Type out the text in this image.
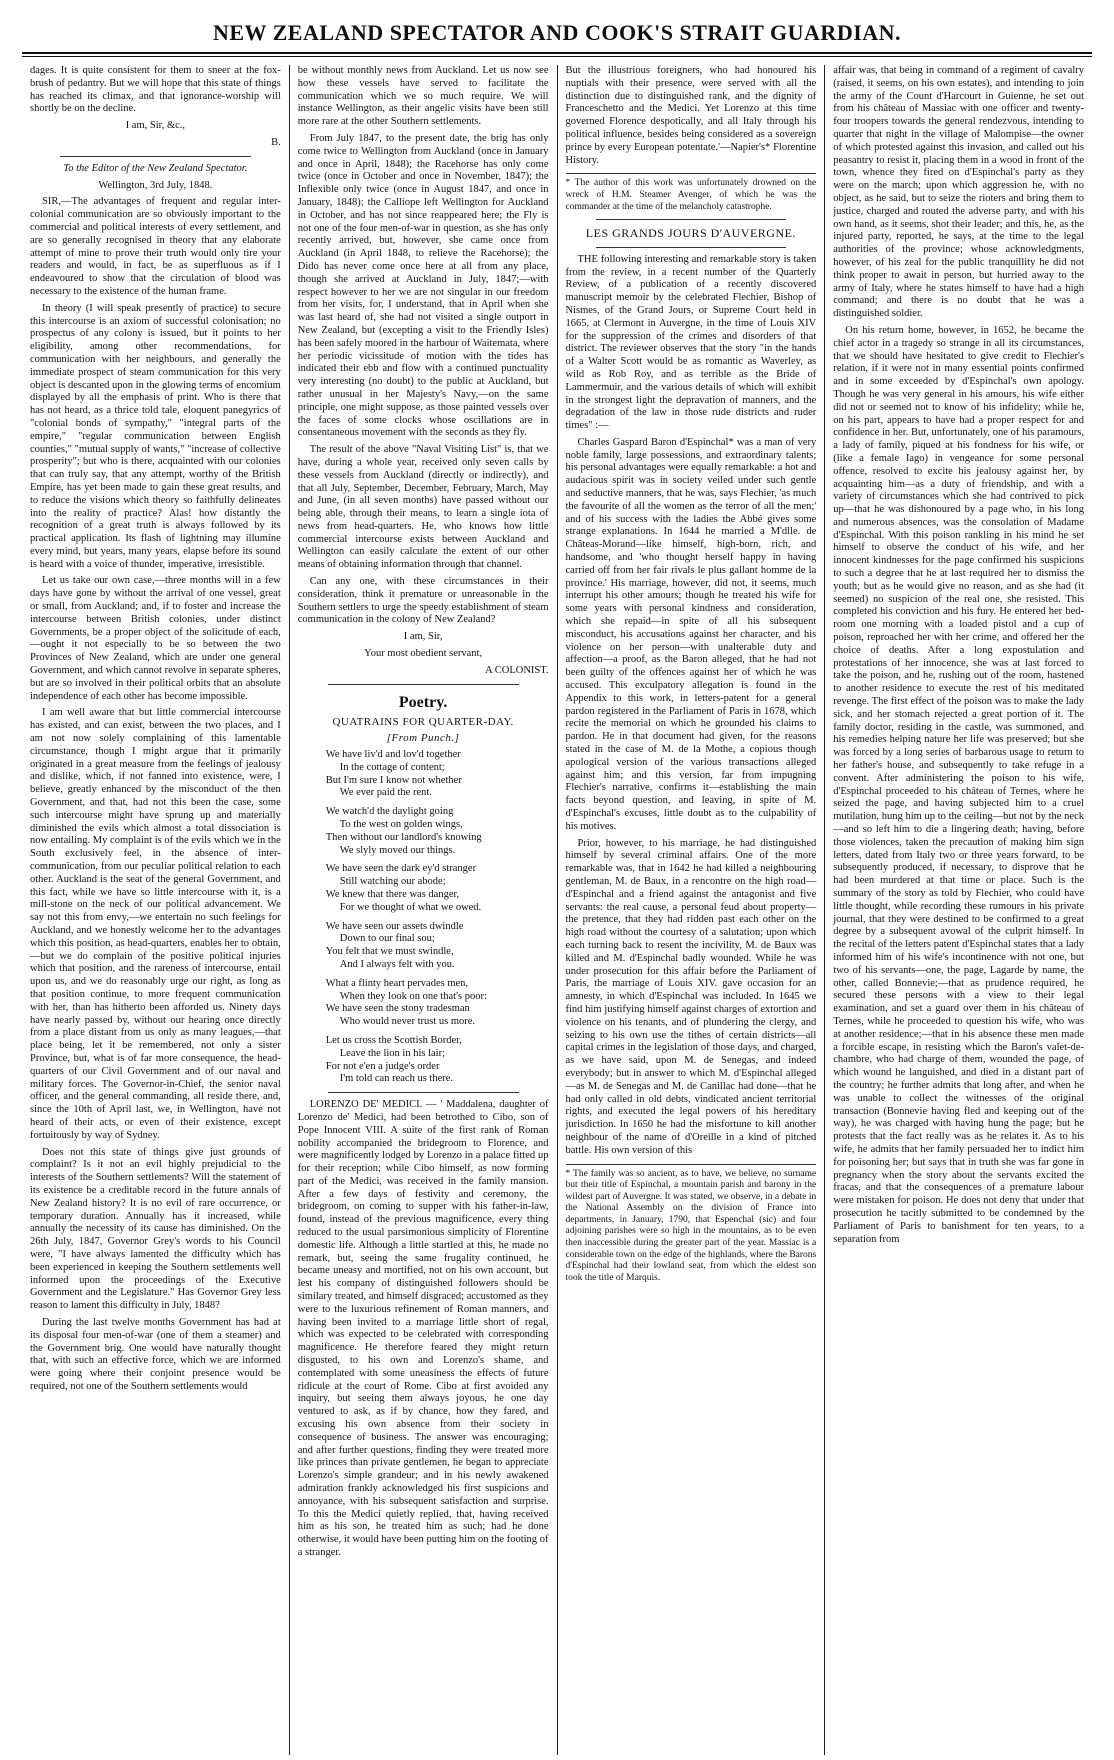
NEW ZEALAND SPECTATOR AND COOK'S STRAIT GUARDIAN.

dages. It is quite consistent for them to sneer at the fox-brush of pedantry. But we will hope that this state of things has reached its climax, and that ignorance-worship will shortly be on the decline.

I am, Sir, &c.,
B.

To the Editor of the New Zealand Spectator.

Wellington, 3rd July, 1848.

SIR,—The advantages of frequent and regular inter-colonial communication are so obviously important to the commercial and political interests of every settlement, and are so generally recognised in theory that any elaborate attempt of mine to prove their truth would only tire your readers and would, in fact, be as superfluous as if I endeavoured to show that the circulation of blood was necessary to the existence of the human frame.

In theory (I will speak presently of practice) to secure this intercourse is an axiom of successful colonisation; no prospectus of any colony is issued, but it points to her eligibility, among other recommendations, for communication with her neighbours, and generally the immediate prospect of steam communication for this very object is descanted upon in the glowing terms of encomium displayed by all the emphasis of print. Who is there that has not heard, as a thrice told tale, eloquent panegyrics of "colonial bonds of sympathy," "integral parts of the empire," "regular communication between English counties," "mutual supply of wants," "increase of collective prosperity"; but who is there, acquainted with our colonies that can truly say, that any attempt, worthy of the British Empire, has yet been made to gain these great results, and to reduce the visions which theory so faithfully delineates into the reality of practice? Alas! how distantly the recognition of a great truth is always followed by its practical application. Its flash of lightning may illumine every mind, but years, many years, elapse before its sound is heard with a voice of thunder, imperative, irresistible.

Let us take our own case,—three months will in a few days have gone by without the arrival of one vessel, great or small, from Auckland; and, if to foster and increase the intercourse between British colonies, under distinct Governments, be a proper object of the solicitude of each,—ought it not especially to be so between the two Provinces of New Zealand, which are under one general Government, and which cannot revolve in separate spheres, but are so involved in their political orbits that an absolute independence of each other has become impossible.

I am well aware that but little commercial intercourse has existed, and can exist, between the two places, and I am not now solely complaining of this lamentable circumstance, though I might argue that it primarily originated in a great measure from the feelings of jealousy and dislike, which, if not fanned into existence, were, I believe, greatly enhanced by the misconduct of the then Government, and that, had not this been the case, some such intercourse might have sprung up and materially diminished the evils which almost a total dissociation is now entailing. My complaint is of the evils which we in the South exclusively feel, in the absence of inter-communication, from our peculiar political relation to each other. Auckland is the seat of the general Government, and this fact, while we have so little intercourse with it, is a mill-stone on the neck of our political advancement. We say not this from envy,—we entertain no such feelings for Auckland, and we honestly welcome her to the advantages which this position, as head-quarters, enables her to obtain,—but we do complain of the positive political injuries which that position, and the rareness of intercourse, entail upon us, and we do reasonably urge our right, as long as that position continue, to more frequent communication with her, than has hitherto been afforded us. Ninety days have nearly passed by, without our hearing once directly from a place distant from us only as many leagues,—that place being, let it be remembered, not only a sister Province, but, what is of far more consequence, the head-quarters of our Civil Government and of our naval and military forces. The Governor-in-Chief, the senior naval officer, and the general commanding, all reside there, and, since the 10th of April last, we, in Wellington, have not heard of their acts, or even of their existence, except fortuitously by way of Sydney.

Does not this state of things give just grounds of complaint? Is it not an evil highly prejudicial to the interests of the Southern settlements? Will the statement of its existence be a creditable record in the future annals of New Zealand history? It is no evil of rare occurrence, or temporary duration. Annually has it increased, while annually the necessity of its cause has diminished. On the 26th July, 1847, Governor Grey's words to his Council were, "I have always lamented the difficulty which has been experienced in keeping the Southern settlements well informed upon the proceedings of the Executive Government and the Legislature." Has Governor Grey less reason to lament this difficulty in July, 1848?

During the last twelve months Government has had at its disposal four men-of-war (one of them a steamer) and the Government brig. One would have naturally thought that, with such an effective force, which we are informed were going where their conjoint presence would be required, not one of the Southern settlements would

be without monthly news from Auckland. Let us now see how these vessels have served to facilitate the communication which we so much require. We will instance Wellington, as their angelic visits have been still more rare at the other Southern settlements.

From July 1847, to the present date, the brig has only come twice to Wellington from Auckland (once in January and once in April, 1848); the Racehorse has only come twice (once in October and once in November, 1847); the Inflexible only twice (once in August 1847, and once in January, 1848); the Calliope left Wellington for Auckland in October, and has not since reappeared here; the Fly is not one of the four men-of-war in question, as she has only recently arrived, but, however, she came once from Auckland (in April 1848, to relieve the Racehorse); the Dido has never come once here at all from any place, though she arrived at Auckland in July, 1847;—with respect however to her we are not singular in our freedom from her visits, for, I understand, that in April when she was last heard of, she had not visited a single outport in New Zealand, but (excepting a visit to the Friendly Isles) has been safely moored in the harbour of Waitemata, where her periodic vicissitude of motion with the tides has indicated their ebb and flow with a continued punctuality very interesting (no doubt) to the public at Auckland, but rather unusual in her Majesty's Navy,—on the same principle, one might suppose, as those painted vessels over the faces of some clocks whose oscillations are in consentaneous movement with the seconds as they fly.

The result of the above "Naval Visiting List" is, that we have, during a whole year, received only seven calls by these vessels from Auckland (directly or indirectly), and that all July, September, December, February, March, May and June, (in all seven months) have passed without our being able, through their means, to learn a single iota of news from head-quarters. He, who knows how little commercial intercourse exists between Auckland and Wellington can easily calculate the extent of our other means of obtaining information through that channel.

Can any one, with these circumstances in their consideration, think it premature or unreasonable in the Southern settlers to urge the speedy establishment of steam communication in the colony of New Zealand?

I am, Sir,
Your most obedient servant,
A COLONIST.
Poetry.
QUATRAINS FOR QUARTER-DAY.
[From Punch.]
We have liv'd and lov'd together
In the cottage of content;
But I'm sure I know not whether
We ever paid the rent.
We watch'd the daylight going
To the west on golden wings,
Then without our landlord's knowing
We slyly moved our things.
We have seen the dark ey'd stranger
Still watching our abode;
We knew that there was danger,
For we thought of what we owed.
We have seen our assets dwindle
Down to our final sou;
You felt that we must swindle,
And I always felt with you.
What a flinty heart pervades men,
When they look on one that's poor:
We have seen the stony tradesman
Who would never trust us more.
Let us cross the Scottish Border,
Leave the lion in his lair;
For not e'en a judge's order
I'm told can reach us there.

LORENZO DE' MEDICI. — ' Maddalena, daughter of Lorenzo de' Medici, had been betrothed to Cibo, son of Pope Innocent VIII. A suite of the first rank of Roman nobility accompanied the bridegroom to Florence, and were magnificently lodged by Lorenzo in a palace fitted up for their reception; while Cibo himself, as now forming part of the Medici, was received in the family mansion. After a few days of festivity and ceremony, the bridegroom, on coming to supper with his father-in-law, found, instead of the previous magnificence, every thing reduced to the usual parsimonious simplicity of Florentine domestic life. Although a little startled at this, he made no remark, but, seeing the same frugality continued, he became uneasy and mortified, not on his own account, but lest his company of distinguished followers should be similary treated, and himself disgraced; accustomed as they were to the luxurious refinement of Roman manners, and having been invited to a marriage little short of regal, which was expected to be celebrated with corresponding magnificence. He therefore feared they might return disgusted, to his own and Lorenzo's shame, and contemplated with some uneasiness the effects of future ridicule at the court of Rome. Cibo at first avoided any inquiry, but seeing them always joyous, he one day ventured to ask, as if by chance, how they fared, and excusing his own absence from their society in consequence of business. The answer was encouraging; and after further questions, finding they were treated more like princes than private gentlemen, he began to appreciate Lorenzo's simple grandeur; and in his newly awakened admiration frankly acknowledged his first suspicions and annoyance, with his subsequent satisfaction and surprise. To this the Medici quietly replied, that, having received him as his son, he treated him as such; had he done otherwise, it would have been putting him on the footing of a stranger.

But the illustrious foreigners, who had honoured his nuptials with their presence, were served with all the distinction due to distinguished rank, and the dignity of Franceschetto and the Medici. Yet Lorenzo at this time governed Florence despotically, and all Italy through his political influence, besides being considered as a sovereign prince by every European potentate.'—Napier's* Florentine History.

* The author of this work was unfortunately drowned on the wreck of H.M. Steamer Avenger, of which he was the commander at the time of the melancholy catastrophe.
LES GRANDS JOURS D'AUVERGNE.

THE following interesting and remarkable story is taken from the review, in a recent number of the Quarterly Review, of a publication of a recently discovered manuscript memoir by the celebrated Flechier, Bishop of Nismes, of the Grand Jours, or Supreme Court held in 1665, at Clermont in Auvergne, in the time of Louis XIV for the suppression of the crimes and disorders of that district. The reviewer observes that the story "in the hands of a Walter Scott would be as romantic as Waverley, as wild as Rob Roy, and as terrible as the Bride of Lammermuir, and the various details of which will exhibit in the strongest light the depravation of manners, and the degradation of the law in those rude districts and ruder times" :—

Charles Gaspard Baron d'Espinchal* was a man of very noble family, large possessions, and extraordinary talents; his personal advantages were equally remarkable: a hot and audacious spirit was in society veiled under such gentle and seductive manners, that he was, says Flechier, 'as much the favourite of all the women as the terror of all the men;' and of his success with the ladies the Abbé gives some strange explanations. In 1644 he married a M'dlle. de Châteas-Morand—like himself, high-born, rich, and handsome, and 'who thought herself happy in having carried off from her fair rivals le plus gallant homme de la province.' His marriage, however, did not, it seems, much interrupt his other amours; though he treated his wife for some years with personal kindness and consideration, which she repaid—in spite of all his subsequent misconduct, his accusations against her character, and his violence on her person—with unalterable duty and affection—a proof, as the Baron alleged, that he had not been guilty of the offences against her of which he was accused. This exculpatory allegation is found in the Appendix to this work, in letters-patent for a general pardon registered in the Parliament of Paris in 1678, which recite the memorial on which he grounded his claims to pardon. He in that document had given, for the reasons stated in the case of M. de la Mothe, a copious though apological version of the various transactions alleged against him; and this version, far from impugning Flechier's narrative, confirms it—establishing the main facts beyond question, and leaving, in spite of M. d'Espinchal's excuses, little doubt as to the culpability of his motives.

Prior, however, to his marriage, he had distinguished himself by several criminal affairs. One of the more remarkable was, that in 1642 he had killed a neighbouring gentleman, M. de Baux, in a rencontre on the high road—d'Espinchal and a friend against the antagonist and five servants: the real cause, a personal feud about property—the pretence, that they had ridden past each other on the high road without the courtesy of a salutation; upon which each turning back to resent the incivility, M. de Baux was killed and M. d'Espinchal badly wounded. While he was under prosecution for this affair before the Parliament of Paris, the marriage of Louis XIV. gave occasion for an amnesty, in which d'Espinchal was included. In 1645 we find him justifying himself against charges of extortion and violence on his tenants, and of plundering the clergy, and seizing to his own use the tithes of certain districts—all capital crimes in the legislation of those days, and charged, as we have said, upon M. de Senegas, and indeed everybody; but in answer to which M. d'Espinchal alleged—as M. de Senegas and M. de Canillac had done—that he had only called in old debts, vindicated ancient territorial rights, and executed the legal powers of his hereditary jurisdiction. In 1650 he had the misfortune to kill another neighbour of the name of d'Oreille in a kind of pitched battle. His own version of this

* The family was so ancient, as to have, we believe, no surname but their title of Espinchal, a mountain parish and barony in the wildest part of Auvergne. It was stated, we observe, in a debate in the National Assembly on the division of France into departments, in January, 1790, that Espenchal (sic) and four adjoining parishes were so high in the mountains, as to be even then inaccessible during the greater part of the year. Massiac is a considerable town on the edge of the highlands, where the Barons d'Espinchal had their lowland seat, from which the eldest son took the title of Marquis.

affair was, that being in command of a regiment of cavalry (raised, it seems, on his own estates), and intending to join the army of the Count d'Harcourt in Guienne, he set out from his château of Massiac with one officer and twenty-four troopers towards the general rendezvous, intending to quarter that night in the village of Malompise—the owner of which protested against this invasion, and called out his peasantry to resist it, placing them in a wood in front of the town, whence they fired on d'Espinchal's party as they were on the march; upon which aggression he, with no object, as he said, but to seize the rioters and bring them to justice, charged and routed the adverse party, and with his own hand, as it seems, shot their leader; and this, he, as the injured party, reported, he says, at the time to the legal authorities of the province; whose acknowledgments, however, of his zeal for the public tranquillity he did not think proper to await in person, but hurried away to the army of Italy, where he states himself to have had a high command; and there is no doubt that he was a distinguished soldier.

On his return home, however, in 1652, he became the chief actor in a tragedy so strange in all its circumstances, that we should have hesitated to give credit to Flechier's relation, if it were not in many essential points confirmed and in some exceeded by d'Espinchal's own apology. Though he was very general in his amours, his wife either did not or seemed not to know of his infidelity; while he, on his part, appears to have had a proper respect for and confidence in her. But, unfortunately, one of his paramours, a lady of family, piqued at his fondness for his wife, or (like a female Iago) in vengeance for some personal offence, resolved to excite his jealousy against her, by acquainting him—as a duty of friendship, and with a variety of circumstances which she had contrived to pick up—that he was dishonoured by a page who, in his long and numerous absences, was the consolation of Madame d'Espinchal. With this poison rankling in his mind he set himself to observe the conduct of his wife, and her innocent kindnesses for the page confirmed his suspicions to such a degree that he at last required her to dismiss the youth; but as he would give no reason, and as she had (it seemed) no suspicion of the real one, she resisted. This completed his conviction and his fury. He entered her bed-room one morning with a loaded pistol and a cup of poison, reproached her with her crime, and offered her the choice of deaths. After a long expostulation and protestations of her innocence, she was at last forced to take the poison, and he, rushing out of the room, hastened to another residence to execute the rest of his meditated revenge. The first effect of the poison was to make the lady sick, and her stomach rejected a great portion of it. The family doctor, residing in the castle, was summoned, and his remedies helping nature her life was preserved; but she was forced by a long series of barbarous usage to return to her father's house, and subsequently to take refuge in a convent. After administering the poison to his wife, d'Espinchal proceeded to his château of Ternes, where he seized the page, and having subjected him to a cruel mutilation, hung him up to the ceiling—but not by the neck—and so left him to die a lingering death; having, before those violences, taken the precaution of making him sign letters, dated from Italy two or three years forward, to be subsequently produced, if necessary, to disprove that he had been murdered at that time or place. Such is the summary of the story as told by Flechier, who could have little thought, while recording these rumours in his private journal, that they were destined to be confirmed to a great degree by a subsequent avowal of the culprit himself. In the recital of the letters patent d'Espinchal states that a lady informed him of his wife's incontinence with not one, but two of his servants—one, the page, Lagarde by name, the other, called Bonnevie;—that as prudence required, he secured these persons with a view to their legal examination, and set a guard over them in his château of Ternes, while he proceeded to question his wife, who was at another residence;—that in his absence these men made a forcible escape, in resisting which the Baron's valet-de-chambre, who had charge of them, wounded the page, of which wound he languished, and died in a distant part of the country; he further admits that long after, and when he was unable to collect the witnesses of the original transaction (Bonnevie having fled and keeping out of the way), he was charged with having hung the page; but he protests that the fact really was as he relates it. As to his wife, he admits that her family persuaded her to indict him for poisoning her; but says that in truth she was far gone in pregnancy when the story about the servants excited the fracas, and that the consequences of a premature labour were mistaken for poison. He does not deny that under that prosecution he tacitly submitted to be condemned by the Parliament of Paris to banishment for ten years, to a separation from
